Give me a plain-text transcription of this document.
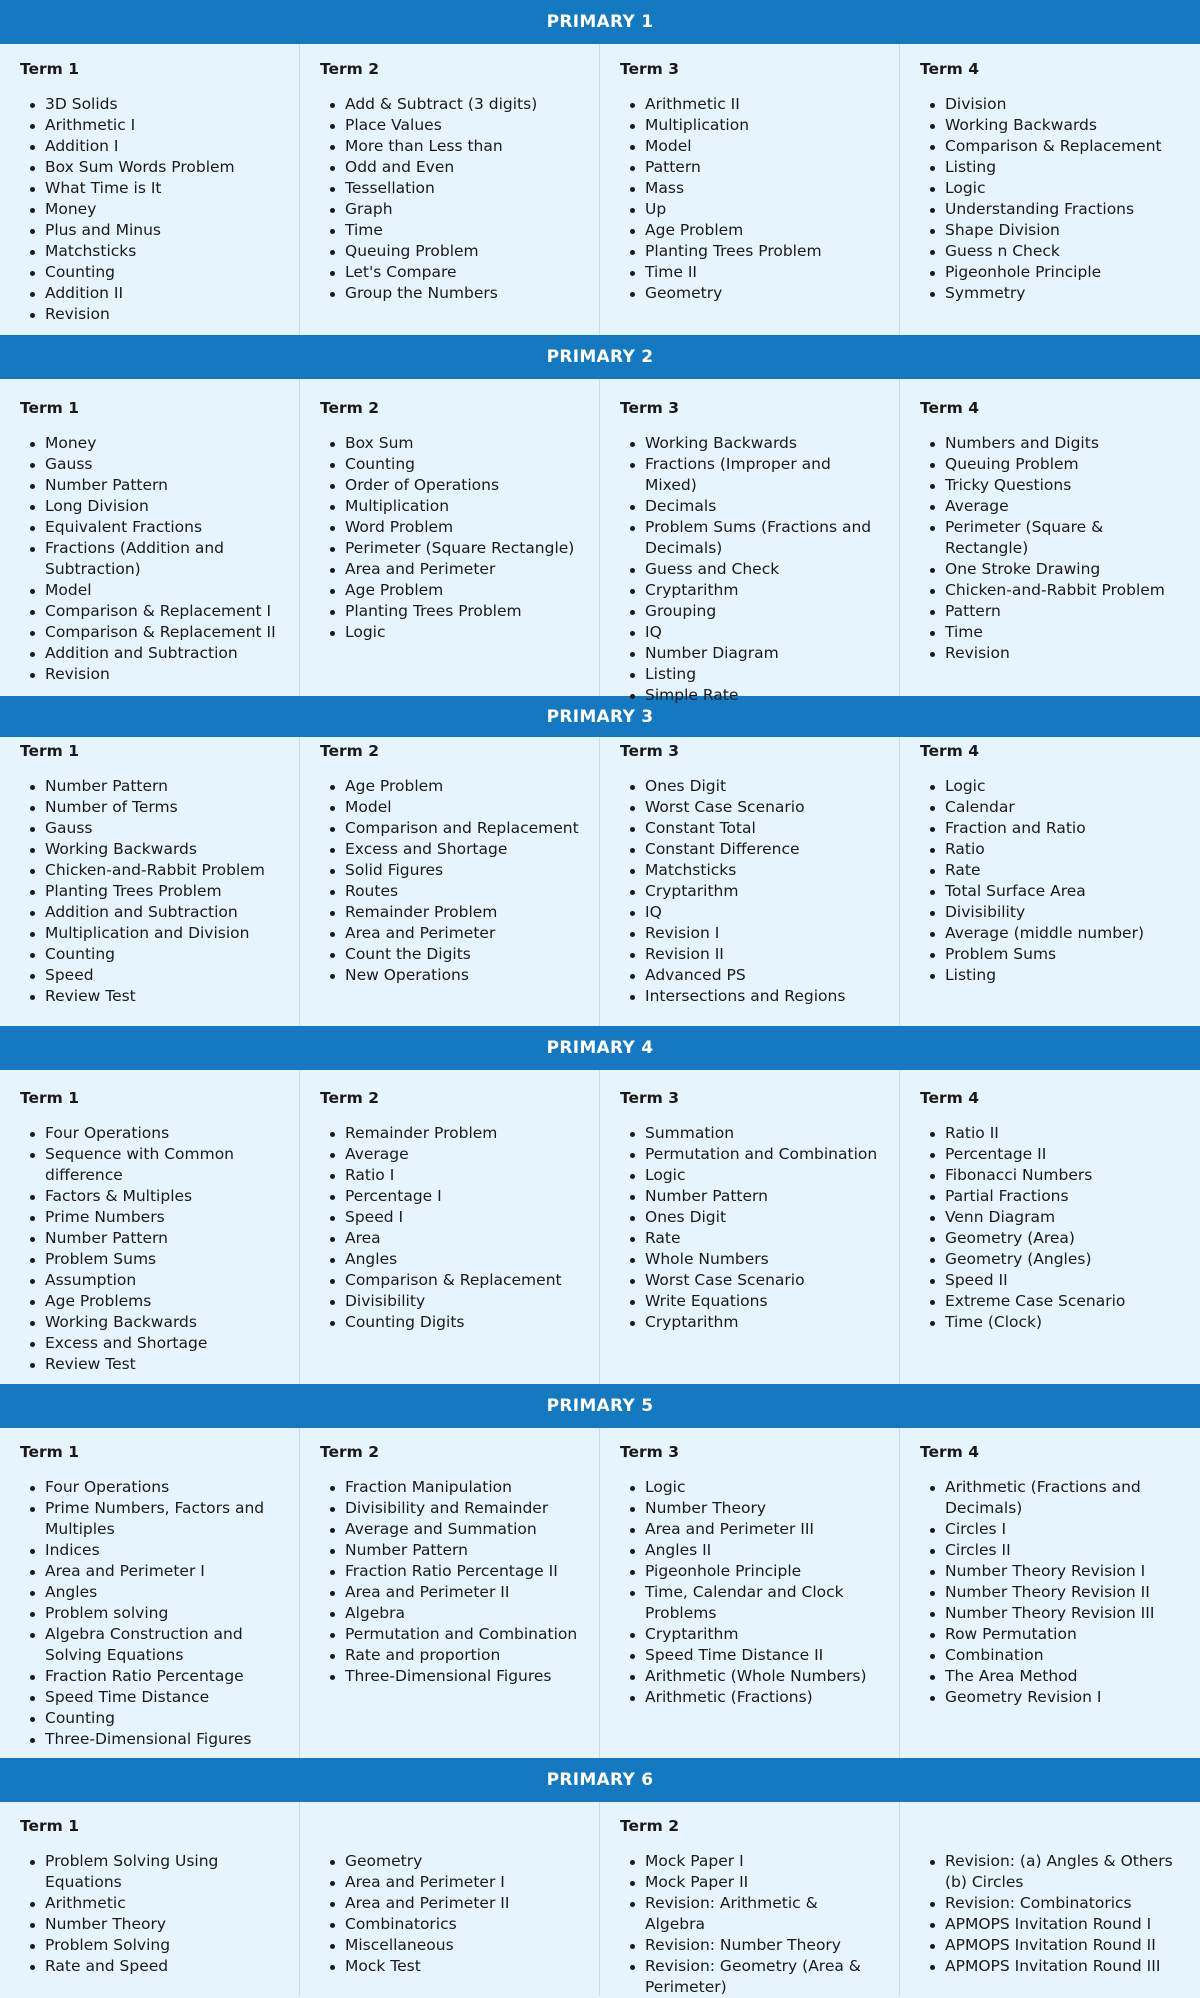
PRIMARY 1
Term 1
3D Solids
Arithmetic I
Addition I
Box Sum Words Problem
What Time is It
Money
Plus and Minus
Matchsticks
Counting
Addition II
Revision
Term 2
Add & Subtract (3 digits)
Place Values
More than Less than
Odd and Even
Tessellation
Graph
Time
Queuing Problem
Let's Compare
Group the Numbers
Term 3
Arithmetic II
Multiplication
Model
Pattern
Mass
Up
Age Problem
Planting Trees Problem
Time II
Geometry
Term 4
Division
Working Backwards
Comparison & Replacement
Listing
Logic
Understanding Fractions
Shape Division
Guess n Check
Pigeonhole Principle
Symmetry
PRIMARY 2
Term 1
Money
Gauss
Number Pattern
Long Division
Equivalent Fractions
Fractions (Addition and Subtraction)
Model
Comparison & Replacement I
Comparison & Replacement II
Addition and Subtraction
Revision
Term 2
Box Sum
Counting
Order of Operations
Multiplication
Word Problem
Perimeter (Square Rectangle)
Area and Perimeter
Age Problem
Planting Trees Problem
Logic
Term 3
Working Backwards
Fractions (Improper and Mixed)
Decimals
Problem Sums (Fractions and Decimals)
Guess and Check
Cryptarithm
Grouping
IQ
Number Diagram
Listing
Simple Rate
Term 4
Numbers and Digits
Queuing Problem
Tricky Questions
Average
Perimeter (Square & Rectangle)
One Stroke Drawing
Chicken-and-Rabbit Problem
Pattern
Time
Revision
PRIMARY 3
Term 1
Number Pattern
Number of Terms
Gauss
Working Backwards
Chicken-and-Rabbit Problem
Planting Trees Problem
Addition and Subtraction
Multiplication and Division
Counting
Speed
Review Test
Term 2
Age Problem
Model
Comparison and Replacement
Excess and Shortage
Solid Figures
Routes
Remainder Problem
Area and Perimeter
Count the Digits
New Operations
Term 3
Ones Digit
Worst Case Scenario
Constant Total
Constant Difference
Matchsticks
Cryptarithm
IQ
Revision I
Revision II
Advanced PS
Intersections and Regions
Term 4
Logic
Calendar
Fraction and Ratio
Ratio
Rate
Total Surface Area
Divisibility
Average (middle number)
Problem Sums
Listing
PRIMARY 4
Term 1
Four Operations
Sequence with Common difference
Factors & Multiples
Prime Numbers
Number Pattern
Problem Sums
Assumption
Age Problems
Working Backwards
Excess and Shortage
Review Test
Term 2
Remainder Problem
Average
Ratio I
Percentage I
Speed I
Area
Angles
Comparison & Replacement
Divisibility
Counting Digits
Term 3
Summation
Permutation and Combination
Logic
Number Pattern
Ones Digit
Rate
Whole Numbers
Worst Case Scenario
Write Equations
Cryptarithm
Term 4
Ratio II
Percentage II
Fibonacci Numbers
Partial Fractions
Venn Diagram
Geometry (Area)
Geometry (Angles)
Speed II
Extreme Case Scenario
Time (Clock)
PRIMARY 5
Term 1
Four Operations
Prime Numbers, Factors and Multiples
Indices
Area and Perimeter I
Angles
Problem solving
Algebra Construction and Solving Equations
Fraction Ratio Percentage
Speed Time Distance
Counting
Three-Dimensional Figures
Term 2
Fraction Manipulation
Divisibility and Remainder
Average and Summation
Number Pattern
Fraction Ratio Percentage II
Area and Perimeter II
Algebra
Permutation and Combination
Rate and proportion
Three-Dimensional Figures
Term 3
Logic
Number Theory
Area and Perimeter III
Angles II
Pigeonhole Principle
Time, Calendar and Clock Problems
Cryptarithm
Speed Time Distance II
Arithmetic (Whole Numbers)
Arithmetic (Fractions)
Term 4
Arithmetic (Fractions and Decimals)
Circles I
Circles II
Number Theory Revision I
Number Theory Revision II
Number Theory Revision III
Row Permutation
Combination
The Area Method
Geometry Revision I
PRIMARY 6
Term 1
Problem Solving Using Equations
Arithmetic
Number Theory
Problem Solving
Rate and Speed
Geometry
Area and Perimeter I
Area and Perimeter II
Combinatorics
Miscellaneous
Mock Test
Term 2
Mock Paper I
Mock Paper II
Revision: Arithmetic & Algebra
Revision: Number Theory
Revision: Geometry (Area & Perimeter)
Revision: (a) Angles & Others (b) Circles
Revision: Combinatorics
APMOPS Invitation Round I
APMOPS Invitation Round II
APMOPS Invitation Round III
